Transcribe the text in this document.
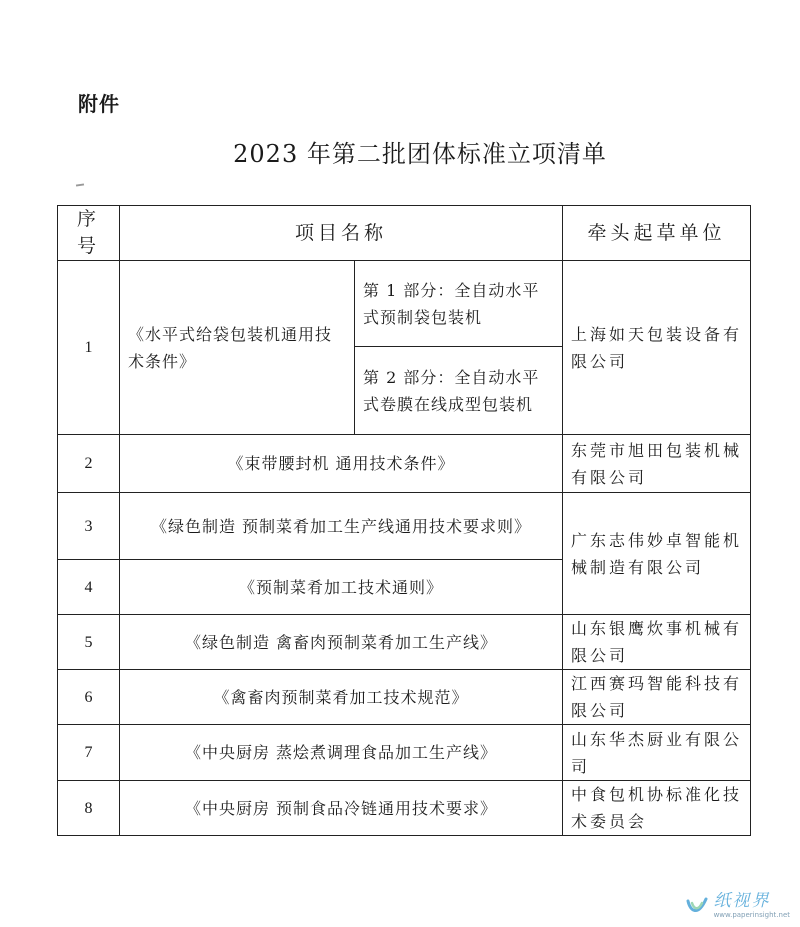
附件
2023 年第二批团体标准立项清单
序号	项目名称		牵头起草单位
1	《水平式给袋包装机通用技术条件》	第 1 部分：全自动水平式预制袋包装机	上海如天包装设备有限公司
		第 2 部分：全自动水平式卷膜在线成型包装机	
2	《束带腰封机 通用技术条件》		东莞市旭田包装机械有限公司
3	《绿色制造 预制菜肴加工生产线通用技术要求则》		广东志伟妙卓智能机械制造有限公司
4	《预制菜肴加工技术通则》		
5	《绿色制造 禽畜肉预制菜肴加工生产线》		山东银鹰炊事机械有限公司
6	《禽畜肉预制菜肴加工技术规范》		江西赛玛智能科技有限公司
7	《中央厨房 蒸烩煮调理食品加工生产线》		山东华杰厨业有限公司
8	《中央厨房 预制食品冷链通用技术要求》		中食包机协标准化技术委员会
纸视界
www.paperinsight.net
